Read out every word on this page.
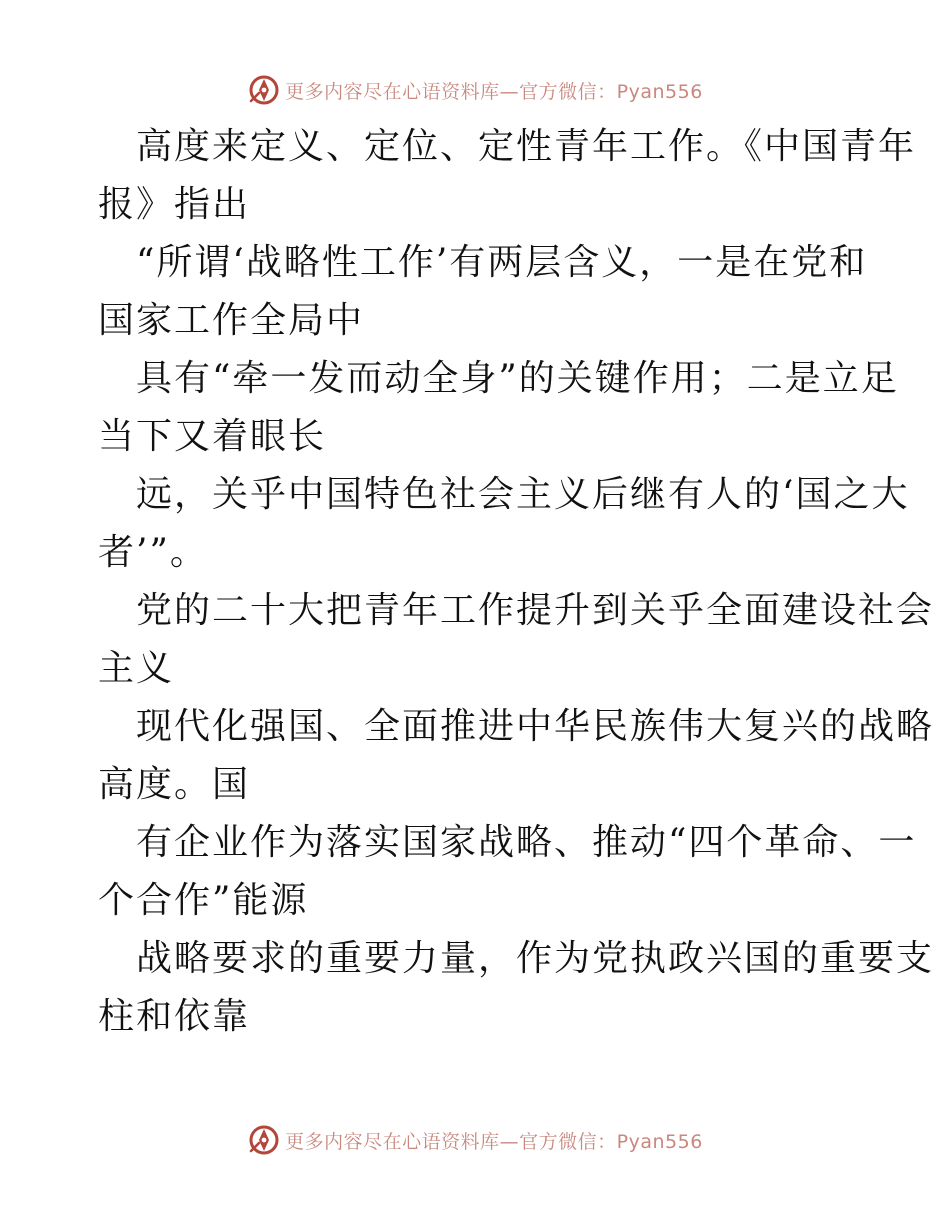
更多内容尽在心语资料库—官方微信：Pyan556
高度来定义、定位、定性青年工作。《中国青年
报》指出
“所谓‘战略性工作’有两层含义，一是在党和
国家工作全局中
具有“牵一发而动全身”的关键作用；二是立足
当下又着眼长
远，关乎中国特色社会主义后继有人的‘国之大
者’”。
党的二十大把青年工作提升到关乎全面建设社会
主义
现代化强国、全面推进中华民族伟大复兴的战略
高度。国
有企业作为落实国家战略、推动“四个革命、一
个合作”能源
战略要求的重要力量，作为党执政兴国的重要支
柱和依靠
更多内容尽在心语资料库—官方微信：Pyan556
